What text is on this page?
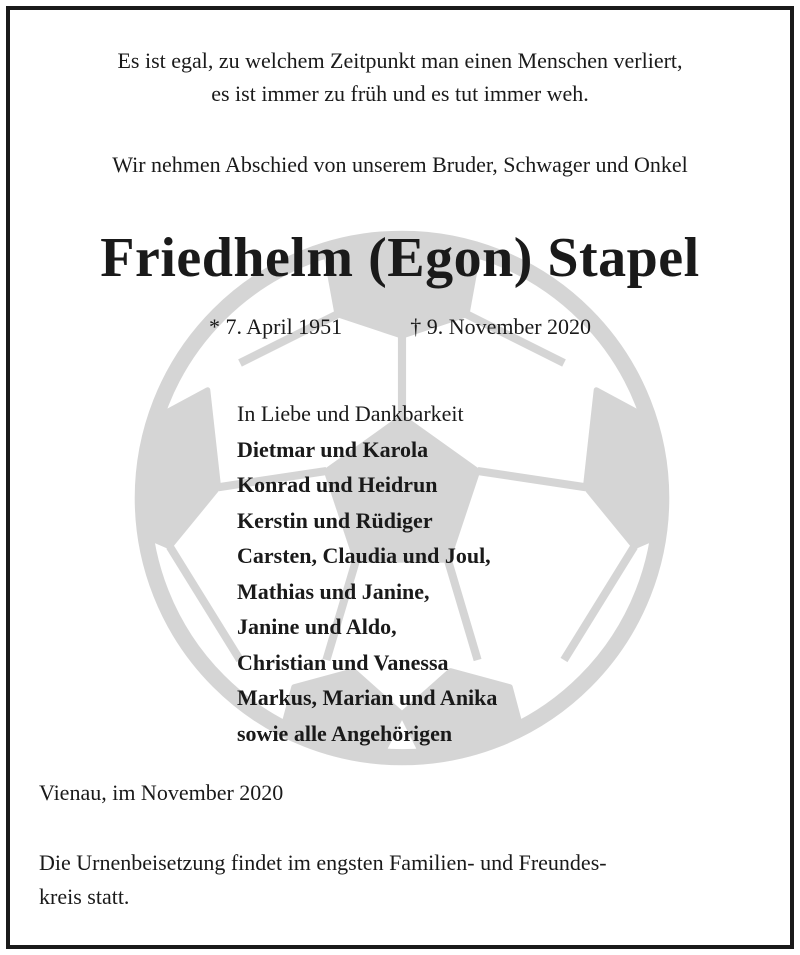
Es ist egal, zu welchem Zeitpunkt man einen Menschen verliert,
es ist immer zu früh und es tut immer weh.
Wir nehmen Abschied von unserem Bruder, Schwager und Onkel
Friedhelm (Egon) Stapel
* 7. April 1951	† 9. November 2020
In Liebe und Dankbarkeit
Dietmar und Karola
Konrad und Heidrun
Kerstin und Rüdiger
Carsten, Claudia und Joul,
Mathias und Janine,
Janine und Aldo,
Christian und Vanessa
Markus, Marian und Anika
sowie alle Angehörigen
Vienau, im November 2020
Die Urnenbeisetzung findet im engsten Familien- und Freundes-
kreis statt.
